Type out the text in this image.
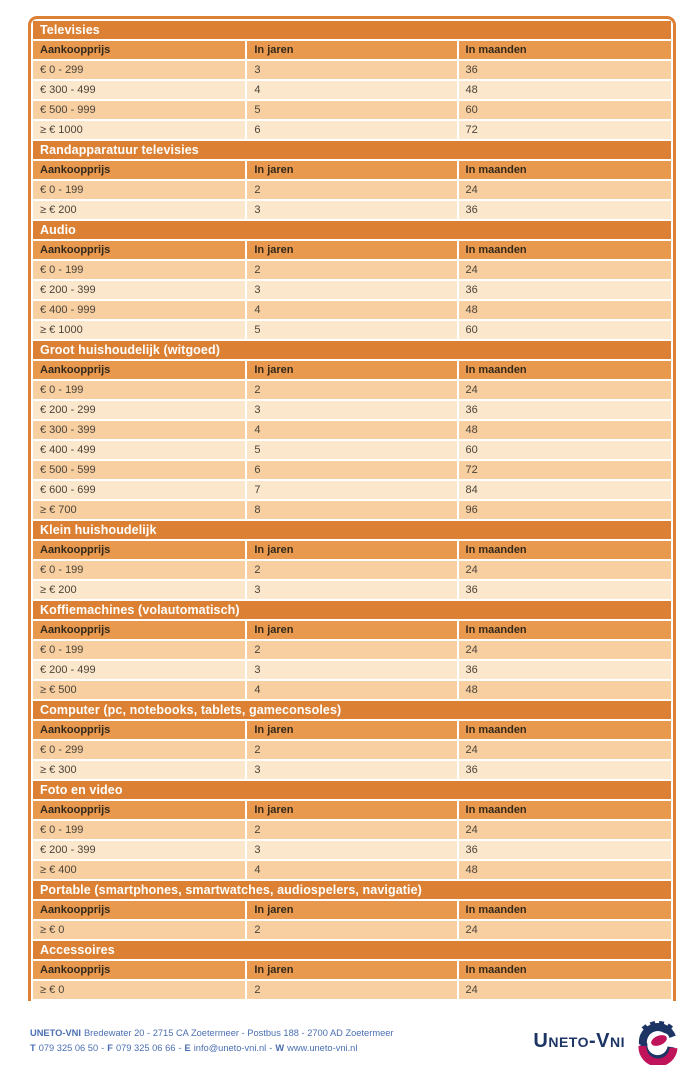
Televisies
Aankoopprijs	In jaren	In maanden
€ 0 - 299	3	36
€ 300 - 499	4	48
€ 500 - 999	5	60
≥ € 1000	6	72
Randapparatuur televisies
Aankoopprijs	In jaren	In maanden
€ 0 - 199	2	24
≥ € 200	3	36
Audio
Aankoopprijs	In jaren	In maanden
€ 0 - 199	2	24
€ 200 - 399	3	36
€ 400 - 999	4	48
≥ € 1000	5	60
Groot huishoudelijk (witgoed)
Aankoopprijs	In jaren	In maanden
€ 0 - 199	2	24
€ 200 - 299	3	36
€ 300 - 399	4	48
€ 400 - 499	5	60
€ 500 - 599	6	72
€ 600 - 699	7	84
≥ € 700	8	96
Klein huishoudelijk
Aankoopprijs	In jaren	In maanden
€ 0 - 199	2	24
≥ € 200	3	36
Koffiemachines (volautomatisch)
Aankoopprijs	In jaren	In maanden
€ 0 - 199	2	24
€ 200 - 499	3	36
≥ € 500	4	48
Computer (pc, notebooks, tablets, gameconsoles)
Aankoopprijs	In jaren	In maanden
€ 0 - 299	2	24
≥ € 300	3	36
Foto en video
Aankoopprijs	In jaren	In maanden
€ 0 - 199	2	24
€ 200 - 399	3	36
≥ € 400	4	48
Portable (smartphones, smartwatches, audiospelers, navigatie)
Aankoopprijs	In jaren	In maanden
≥ € 0	2	24
Accessoires
Aankoopprijs	In jaren	In maanden
≥ € 0	2	24
UNETO-VNI Bredewater 20 - 2715 CA Zoetermeer - Postbus 188 - 2700 AD Zoetermeer
T 079 325 06 50 - F 079 325 06 66 - E info@uneto-vni.nl - W www.uneto-vni.nl	Uneto-Vni
